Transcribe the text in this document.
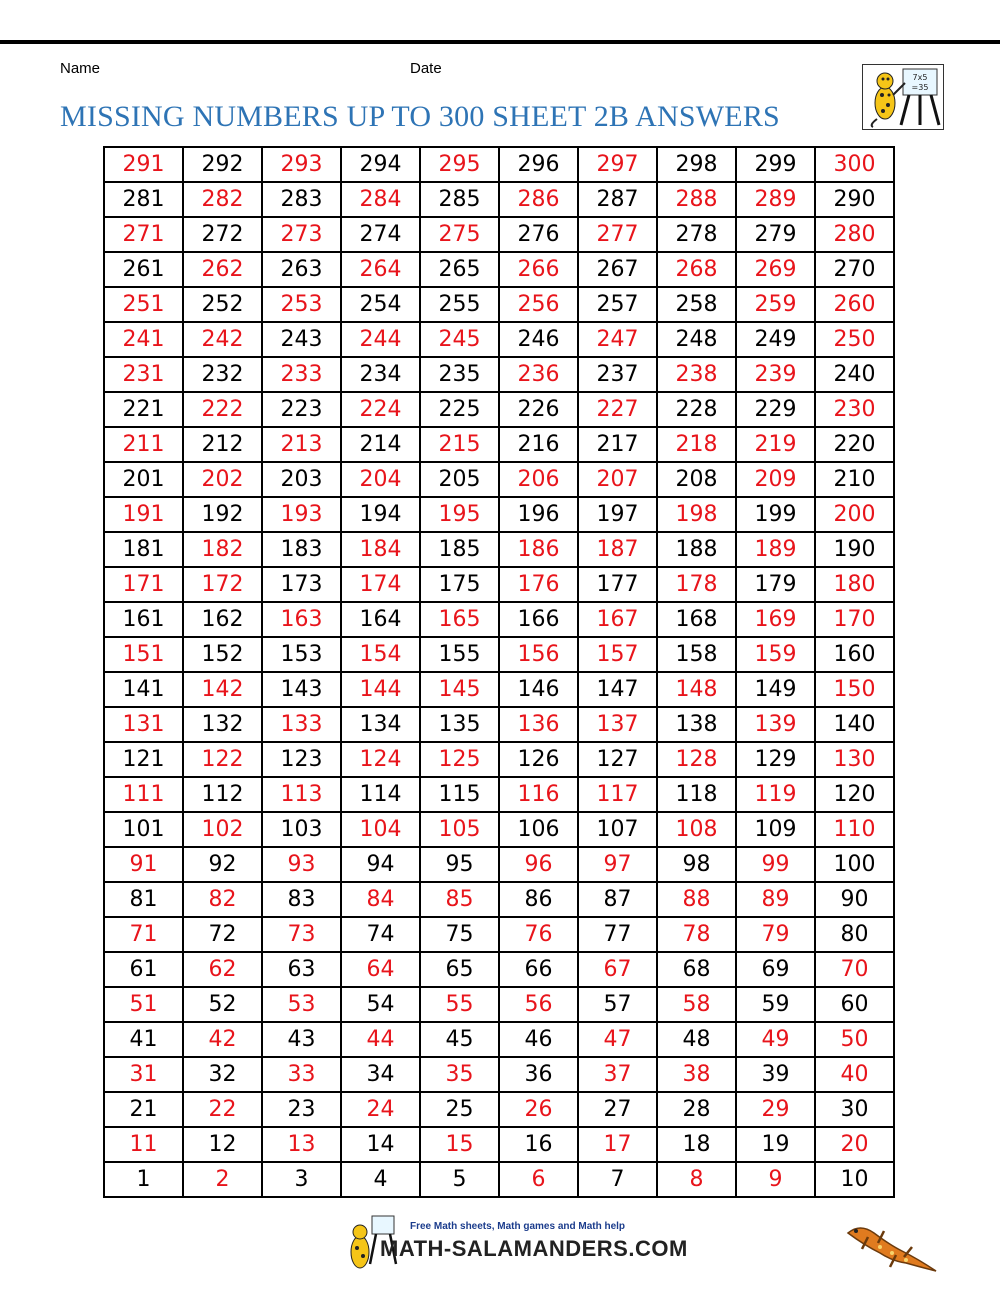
Name	Date
MISSING NUMBERS UP TO 300 SHEET 2B ANSWERS
7x5
=35
291	292	293	294	295	296	297	298	299	300
281	282	283	284	285	286	287	288	289	290
271	272	273	274	275	276	277	278	279	280
261	262	263	264	265	266	267	268	269	270
251	252	253	254	255	256	257	258	259	260
241	242	243	244	245	246	247	248	249	250
231	232	233	234	235	236	237	238	239	240
221	222	223	224	225	226	227	228	229	230
211	212	213	214	215	216	217	218	219	220
201	202	203	204	205	206	207	208	209	210
191	192	193	194	195	196	197	198	199	200
181	182	183	184	185	186	187	188	189	190
171	172	173	174	175	176	177	178	179	180
161	162	163	164	165	166	167	168	169	170
151	152	153	154	155	156	157	158	159	160
141	142	143	144	145	146	147	148	149	150
131	132	133	134	135	136	137	138	139	140
121	122	123	124	125	126	127	128	129	130
111	112	113	114	115	116	117	118	119	120
101	102	103	104	105	106	107	108	109	110
91	92	93	94	95	96	97	98	99	100
81	82	83	84	85	86	87	88	89	90
71	72	73	74	75	76	77	78	79	80
61	62	63	64	65	66	67	68	69	70
51	52	53	54	55	56	57	58	59	60
41	42	43	44	45	46	47	48	49	50
31	32	33	34	35	36	37	38	39	40
21	22	23	24	25	26	27	28	29	30
11	12	13	14	15	16	17	18	19	20
1	2	3	4	5	6	7	8	9	10
Free Math sheets, Math games and Math help
MATH-SALAMANDERS.COM
